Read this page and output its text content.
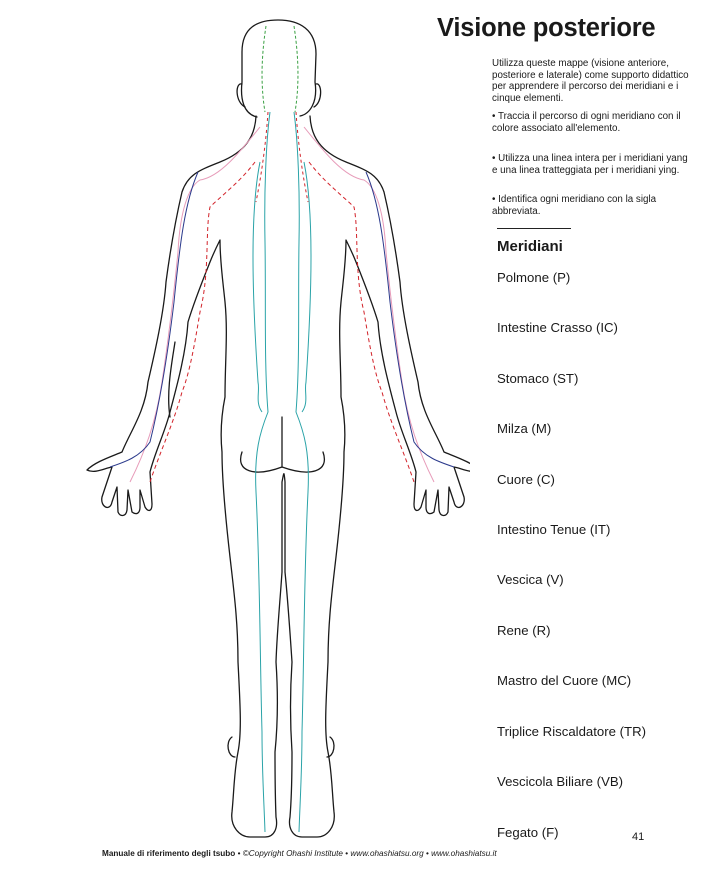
Visione posteriore

Utilizza queste mappe (visione anteriore, posteriore e laterale) come supporto didattico per apprendere il percorso dei meridiani e i cinque elementi.

• Traccia il percorso di ogni meridiano con il colore associato all'elemento.

• Utilizza una linea intera per i meridiani yang e una linea tratteggiata per i meridiani ying.

• Identifica ogni meridiano con la sigla abbreviata.

Meridiani
Polmone (P)
Intestine Crasso (IC)
Stomaco (ST)
Milza (M)
Cuore (C)
Intestino Tenue (IT)
Vescica (V)
Rene (R)
Mastro del Cuore (MC)
Triplice Riscaldatore (TR)
Vescicola Biliare (VB)
Fegato (F)	41
Manuale di riferimento degli tsubo • ©Copyright Ohashi Institute • www.ohashiatsu.org • www.ohashiatsu.it
